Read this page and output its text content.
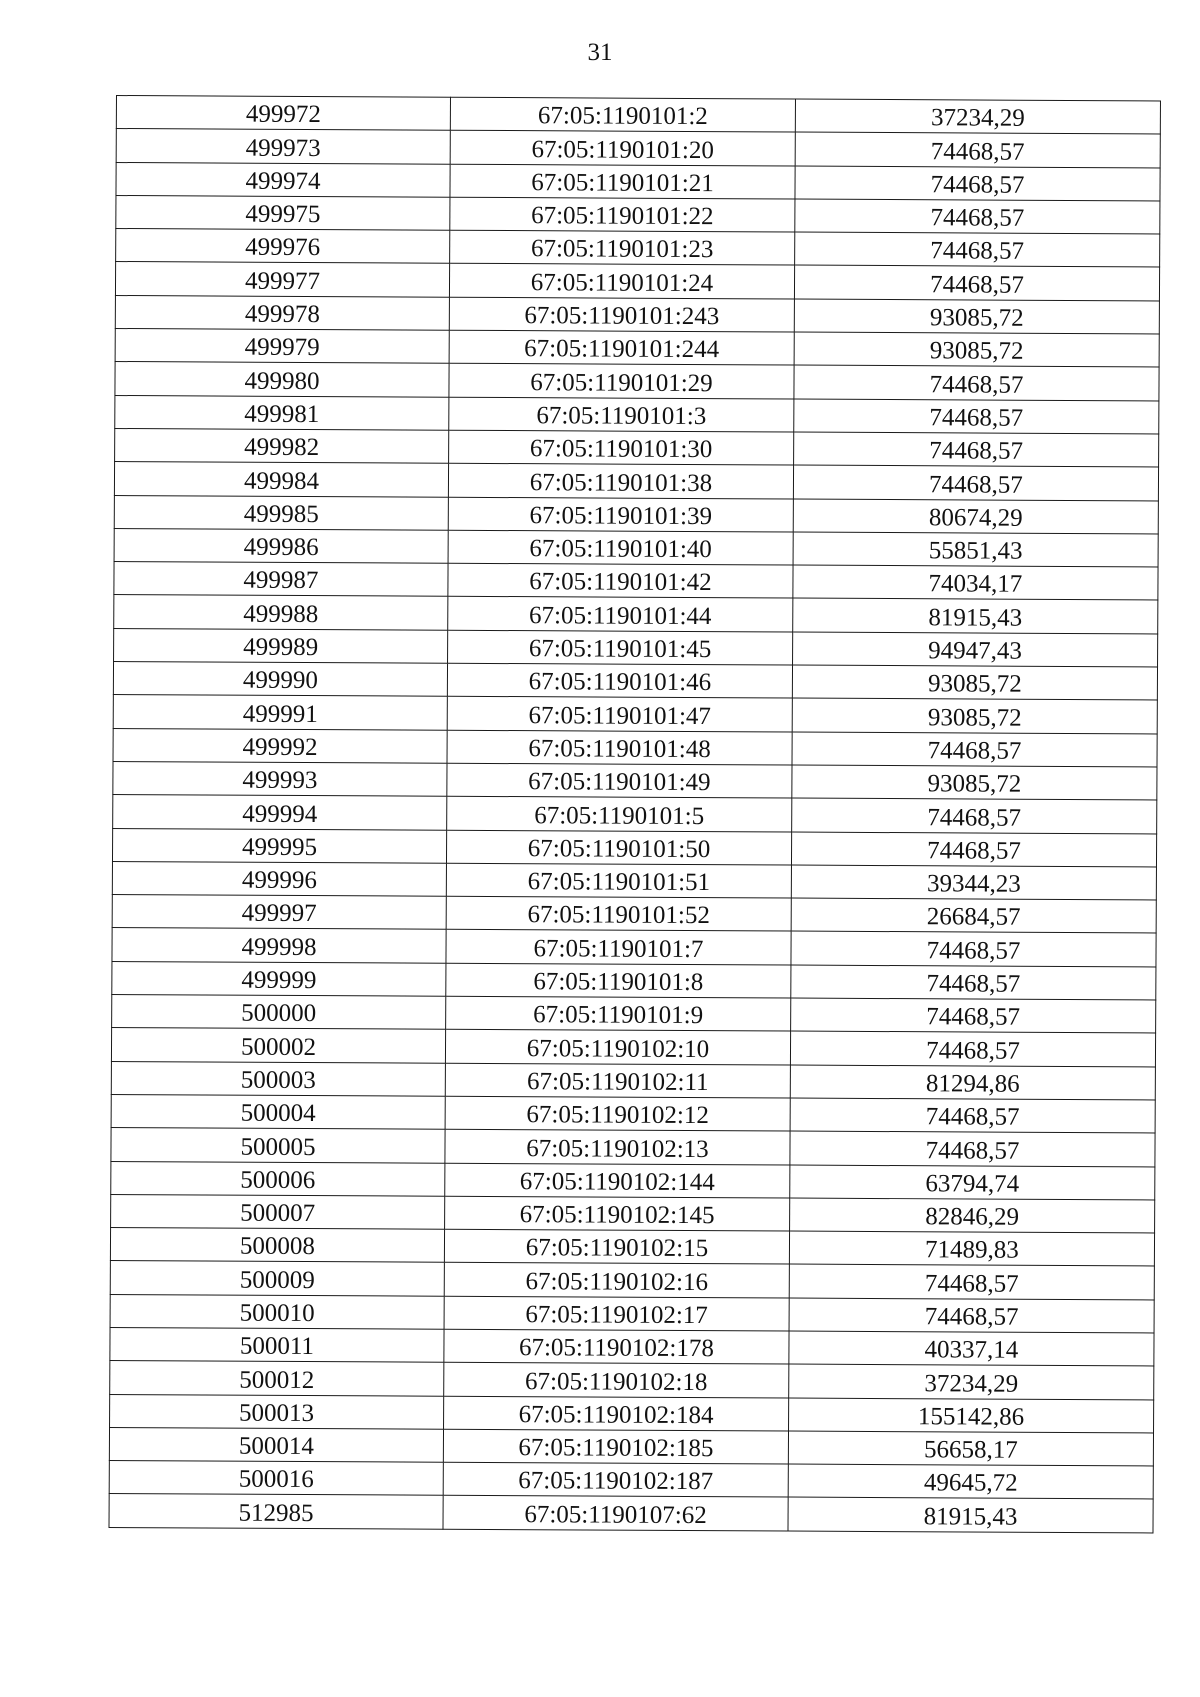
31
499972	67:05:1190101:2	37234,29
499973	67:05:1190101:20	74468,57
499974	67:05:1190101:21	74468,57
499975	67:05:1190101:22	74468,57
499976	67:05:1190101:23	74468,57
499977	67:05:1190101:24	74468,57
499978	67:05:1190101:243	93085,72
499979	67:05:1190101:244	93085,72
499980	67:05:1190101:29	74468,57
499981	67:05:1190101:3	74468,57
499982	67:05:1190101:30	74468,57
499984	67:05:1190101:38	74468,57
499985	67:05:1190101:39	80674,29
499986	67:05:1190101:40	55851,43
499987	67:05:1190101:42	74034,17
499988	67:05:1190101:44	81915,43
499989	67:05:1190101:45	94947,43
499990	67:05:1190101:46	93085,72
499991	67:05:1190101:47	93085,72
499992	67:05:1190101:48	74468,57
499993	67:05:1190101:49	93085,72
499994	67:05:1190101:5	74468,57
499995	67:05:1190101:50	74468,57
499996	67:05:1190101:51	39344,23
499997	67:05:1190101:52	26684,57
499998	67:05:1190101:7	74468,57
499999	67:05:1190101:8	74468,57
500000	67:05:1190101:9	74468,57
500002	67:05:1190102:10	74468,57
500003	67:05:1190102:11	81294,86
500004	67:05:1190102:12	74468,57
500005	67:05:1190102:13	74468,57
500006	67:05:1190102:144	63794,74
500007	67:05:1190102:145	82846,29
500008	67:05:1190102:15	71489,83
500009	67:05:1190102:16	74468,57
500010	67:05:1190102:17	74468,57
500011	67:05:1190102:178	40337,14
500012	67:05:1190102:18	37234,29
500013	67:05:1190102:184	155142,86
500014	67:05:1190102:185	56658,17
500016	67:05:1190102:187	49645,72
512985	67:05:1190107:62	81915,43
